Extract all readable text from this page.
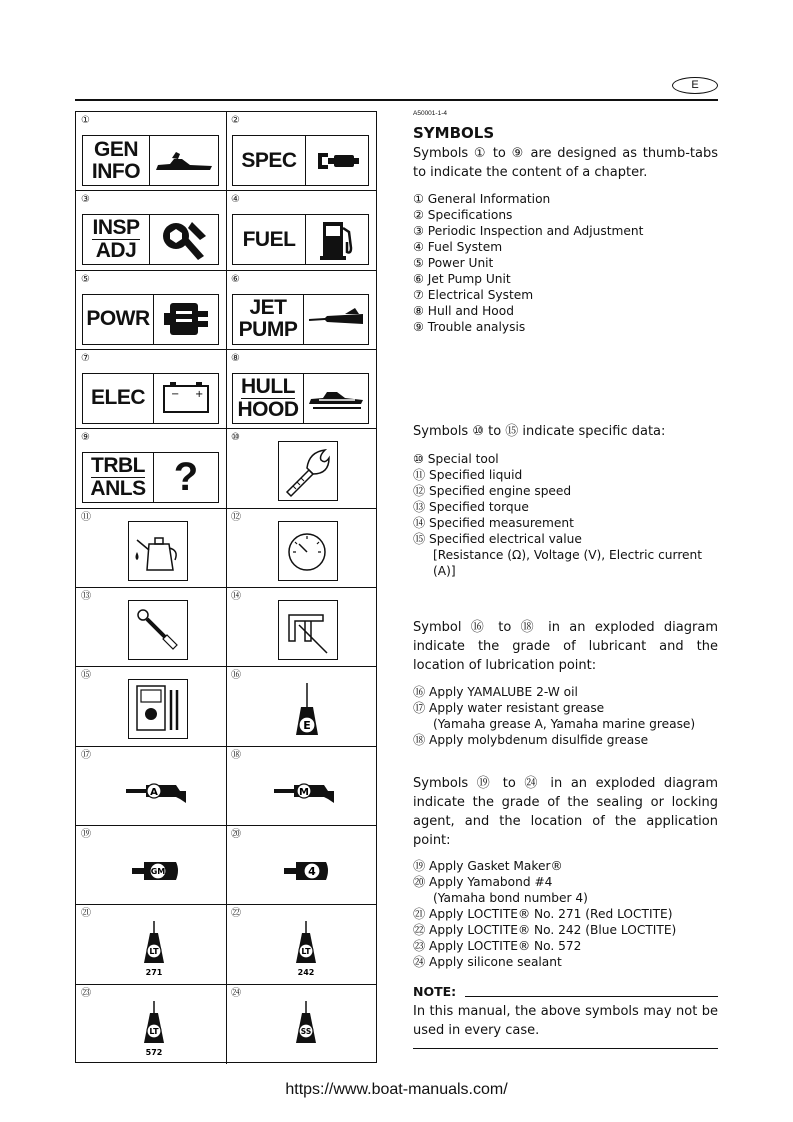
E
①
GEN
INFO
②
SPEC
③
INSP
ADJ
④
FUEL
⑤
POWR
⑥
JET
PUMP
⑦
ELEC	− +
⑧
HULL
HOOD
⑨
TRBL
ANLS ?
⑩
⑪	⑫
⑬	⑭
⑮	⑯
E
⑰
A
⑱
M
⑲
GM
⑳
4
㉑
LT
271
㉒
LT
242
㉓
LT
572
㉔
SS
A50001-1-4
SYMBOLS
Symbols ① to ⑨ are designed as thumb-tabs to indicate the content of a chapter.
① General Information
② Specifications
③ Periodic Inspection and Adjustment
④ Fuel System
⑤ Power Unit
⑥ Jet Pump Unit
⑦ Electrical System
⑧ Hull and Hood
⑨ Trouble analysis
Symbols ⑩ to ⑮ indicate specific data:
⑩ Special tool
⑪ Specified liquid
⑫ Specified engine speed
⑬ Specified torque
⑭ Specified measurement
⑮ Specified electrical value
[Resistance (Ω), Voltage (V), Electric current (A)]
Symbol ⑯ to ⑱ in an exploded diagram indicate the grade of lubricant and the location of lubrication point:
⑯ Apply YAMALUBE 2-W oil
⑰ Apply water resistant grease
(Yamaha grease A, Yamaha marine grease)
⑱ Apply molybdenum disulfide grease
Symbols ⑲ to ㉔ in an exploded diagram indicate the grade of the sealing or locking agent, and the location of the application point:
⑲ Apply Gasket Maker®
⑳ Apply Yamabond #4
(Yamaha bond number 4)
㉑ Apply LOCTITE® No. 271 (Red LOCTITE)
㉒ Apply LOCTITE® No. 242 (Blue LOCTITE)
㉓ Apply LOCTITE® No. 572
㉔ Apply silicone sealant
NOTE:
In this manual, the above symbols may not be used in every case.
https://www.boat-manuals.com/
